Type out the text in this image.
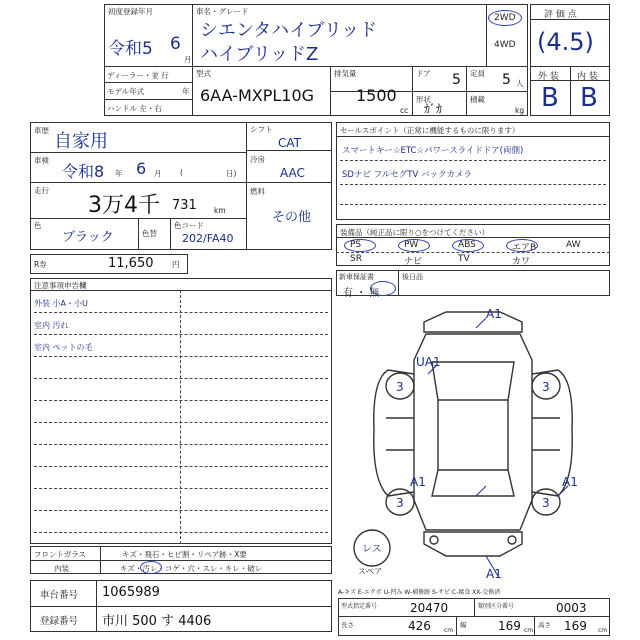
初度登録年月
令和5 6
月
車名・グレード
シエンタハイブリッド
ハイブリッドZ
2WD
4WD
ディーラー・並 行
モデル年式	年
ハンドル 左・右
型式
6AA-MXPL10G
排気量
1500
cc
ドア 5
形状
ｶﾞｶ
定員 5 人
積載
kg
評 価 点
(4.5)
外 装 内 装
B B
車歴
自家用
車検
令和8 年 6 月 (	日)
走行
3万4千 731 km
色
ブラック	色替
色コード
202/FA40
シフト
CAT
冷房
AAC
燃料
その他
R券	11,650 円
セールスポイント（正常に機能するものに限ります）
スマートキー☆ETC☆パワースライドドア(両側)
SDナビ フルセグTV バックカメラ
装備品（純正品に限り○をつけてください）
PS	PW	ABS	エアB	AW
SR	ナビ	TV	カワ
新車保証書
有 ・ 無
後日品
注意事項申告欄
外装 小A・小U
室内 汚れ
室内 ペットの毛
A1
UA1
3	3
A1	A1
3	3
A1
レス
スペア
フロントガラス	キズ・飛石・ヒビ割・リペア跡・X要
内装	キズ・汚レ・コゲ・穴・スレ・キレ・破レ
車台番号 1065989
登録番号 市川 500 す 4406
A-キズ E-エクボ U-凹み W-補修跡 S-サビ C-腐食 XX-交換済
型式指定番号	20470	類別区分番号	0003
長さ	426 cm
幅	169 cm
高さ 169 cm
